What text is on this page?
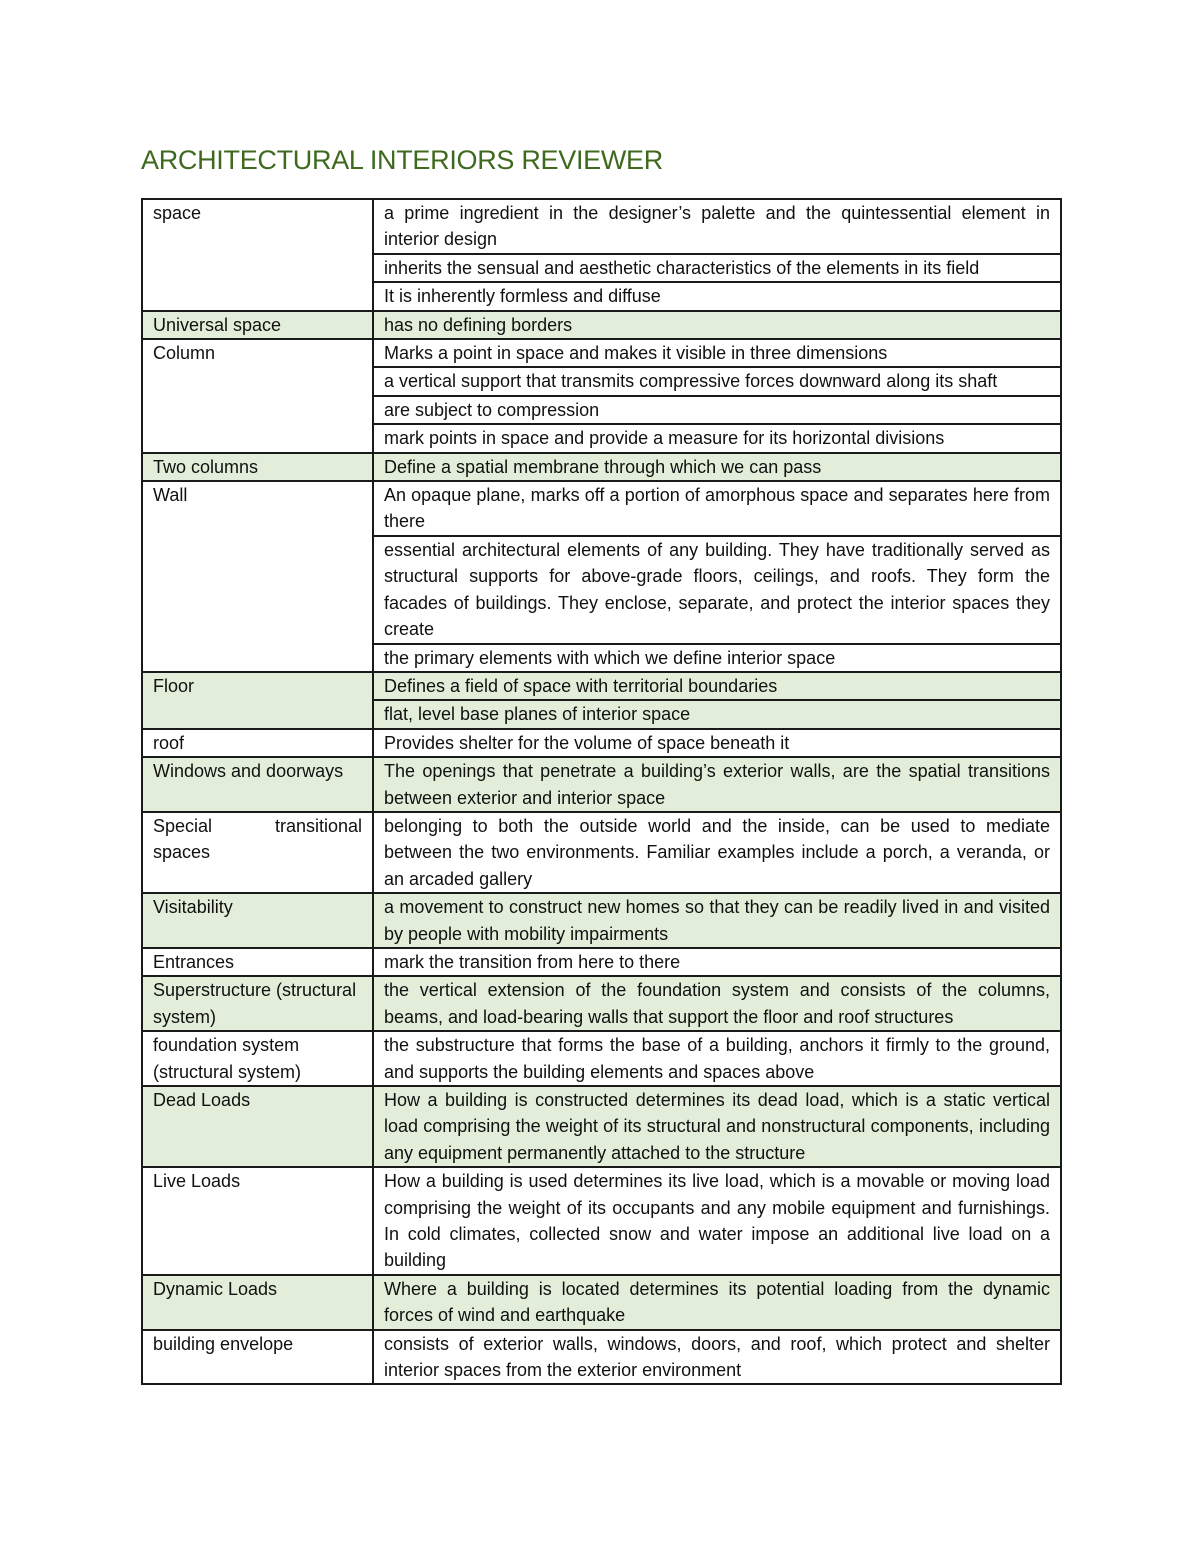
ARCHITECTURAL INTERIORS REVIEWER
space	a prime ingredient in the designer’s palette and the quintessential element in interior design
	inherits the sensual and aesthetic characteristics of the elements in its field
	It is inherently formless and diffuse
Universal space	has no defining borders
Column	Marks a point in space and makes it visible in three dimensions
	a vertical support that transmits compressive forces downward along its shaft
	are subject to compression
	mark points in space and provide a measure for its horizontal divisions
Two columns	Define a spatial membrane through which we can pass
Wall	An opaque plane, marks off a portion of amorphous space and separates here from there
	essential architectural elements of any building. They have traditionally served as structural supports for above-grade floors, ceilings, and roofs. They form the facades of buildings. They enclose, separate, and protect the interior spaces they create
	the primary elements with which we define interior space
Floor	Defines a field of space with territorial boundaries
	flat, level base planes of interior space
roof	Provides shelter for the volume of space beneath it
Windows and doorways	The openings that penetrate a building’s exterior walls, are the spatial transitions between exterior and interior space
Special transitional spaces	belonging to both the outside world and the inside, can be used to mediate between the two environments. Familiar examples include a porch, a veranda, or an arcaded gallery
Visitability	a movement to construct new homes so that they can be readily lived in and visited by people with mobility impairments
Entrances	mark the transition from here to there
Superstructure (structural system)	the vertical extension of the foundation system and consists of the columns, beams, and load-bearing walls that support the floor and roof structures
foundation system (structural system)	the substructure that forms the base of a building, anchors it firmly to the ground, and supports the building elements and spaces above
Dead Loads	How a building is constructed determines its dead load, which is a static vertical load comprising the weight of its structural and nonstructural components, including any equipment permanently attached to the structure
Live Loads	How a building is used determines its live load, which is a movable or moving load comprising the weight of its occupants and any mobile equipment and furnishings. In cold climates, collected snow and water impose an additional live load on a building
Dynamic Loads	Where a building is located determines its potential loading from the dynamic forces of wind and earthquake
building envelope	consists of exterior walls, windows, doors, and roof, which protect and shelter interior spaces from the exterior environment
